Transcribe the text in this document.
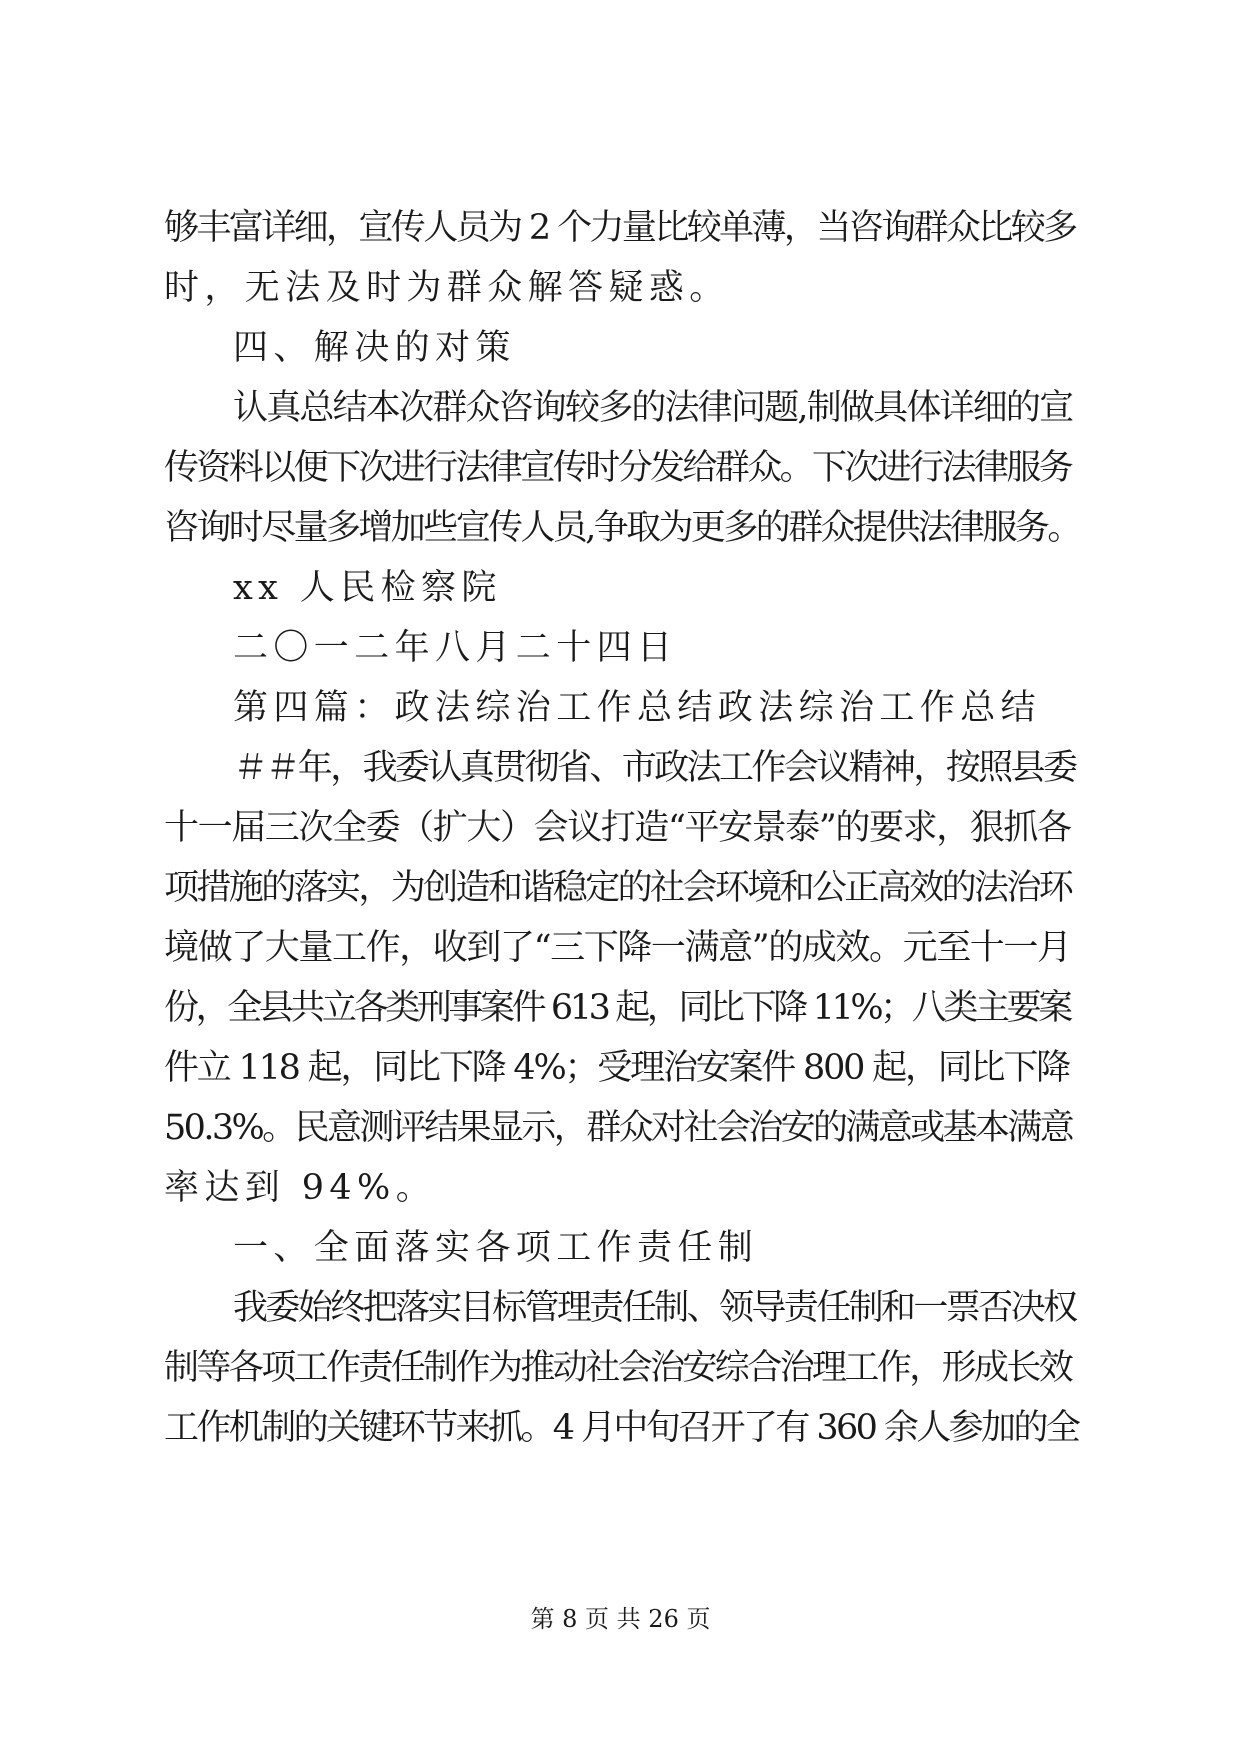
够丰富详细，宣传人员为 2 个力量比较单薄，当咨询群众比较多
时，无法及时为群众解答疑惑。
四、解决的对策
认真总结本次群众咨询较多的法律问题,制做具体详细的宣
传资料以便下次进行法律宣传时分发给群众。下次进行法律服务
咨询时尽量多增加些宣传人员,争取为更多的群众提供法律服务。
xx 人民检察院
二〇一二年八月二十四日
第四篇：政法综治工作总结政法综治工作总结
＃＃年，我委认真贯彻省、市政法工作会议精神，按照县委
十一届三次全委（扩大）会议打造“平安景泰”的要求，狠抓各
项措施的落实，为创造和谐稳定的社会环境和公正高效的法治环
境做了大量工作，收到了“三下降一满意”的成效。元至十一月
份，全县共立各类刑事案件 613 起，同比下降 11%；八类主要案
件立 118 起，同比下降 4%；受理治安案件 800 起，同比下降
50.3%。民意测评结果显示，群众对社会治安的满意或基本满意
率达到 94%。
一、全面落实各项工作责任制
我委始终把落实目标管理责任制、领导责任制和一票否决权
制等各项工作责任制作为推动社会治安综合治理工作，形成长效
工作机制的关键环节来抓。4 月中旬召开了有 360 余人参加的全
第 8 页 共 26 页
